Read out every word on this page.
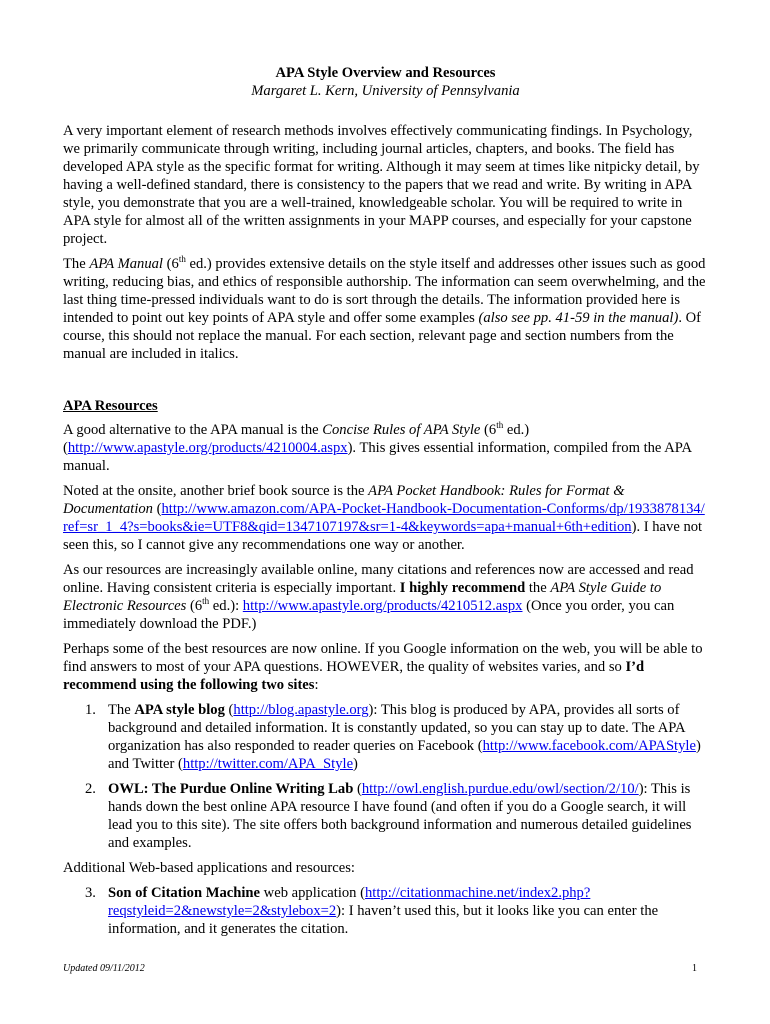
APA Style Overview and Resources

Margaret L. Kern, University of Pennsylvania

A very important element of research methods involves effectively communicating findings. In Psychology, we primarily communicate through writing, including journal articles, chapters, and books. The field has developed APA style as the specific format for writing. Although it may seem at times like nitpicky detail, by having a well-defined standard, there is consistency to the papers that we read and write. By writing in APA style, you demonstrate that you are a well-trained, knowledgeable scholar. You will be required to write in APA style for almost all of the written assignments in your MAPP courses, and especially for your capstone project.

The APA Manual (6th ed.) provides extensive details on the style itself and addresses other issues such as good writing, reducing bias, and ethics of responsible authorship. The information can seem overwhelming, and the last thing time-pressed individuals want to do is sort through the details. The information provided here is intended to point out key points of APA style and offer some examples (also see pp. 41-59 in the manual). Of course, this should not replace the manual. For each section, relevant page and section numbers from the manual are included in italics.

APA Resources

A good alternative to the APA manual is the Concise Rules of APA Style (6th ed.) (http://www.apastyle.org/products/4210004.aspx). This gives essential information, compiled from the APA manual.

Noted at the onsite, another brief book source is the APA Pocket Handbook: Rules for Format & Documentation (http://www.amazon.com/APA-Pocket-Handbook-Documentation-Conforms/dp/1933878134/ref=sr_1_4?s=books&ie=UTF8&qid=1347107197&sr=1-4&keywords=apa+manual+6th+edition). I have not seen this, so I cannot give any recommendations one way or another.

As our resources are increasingly available online, many citations and references now are accessed and read online. Having consistent criteria is especially important. I highly recommend the APA Style Guide to Electronic Resources (6th ed.): http://www.apastyle.org/products/4210512.aspx (Once you order, you can immediately download the PDF.)

Perhaps some of the best resources are now online. If you Google information on the web, you will be able to find answers to most of your APA questions. HOWEVER, the quality of websites varies, and so I’d recommend using the following two sites:

1. The APA style blog (http://blog.apastyle.org): This blog is produced by APA, provides all sorts of background and detailed information. It is constantly updated, so you can stay up to date. The APA organization has also responded to reader queries on Facebook (http://www.facebook.com/APAStyle) and Twitter (http://twitter.com/APA_Style)
2. OWL: The Purdue Online Writing Lab (http://owl.english.purdue.edu/owl/section/2/10/): This is hands down the best online APA resource I have found (and often if you do a Google search, it will lead you to this site). The site offers both background information and numerous detailed guidelines and examples.

Additional Web-based applications and resources:

3. Son of Citation Machine web application (http://citationmachine.net/index2.php?reqstyleid=2&newstyle=2&stylebox=2): I haven’t used this, but it looks like you can enter the information, and it generates the citation.
Updated 09/11/2012	1
